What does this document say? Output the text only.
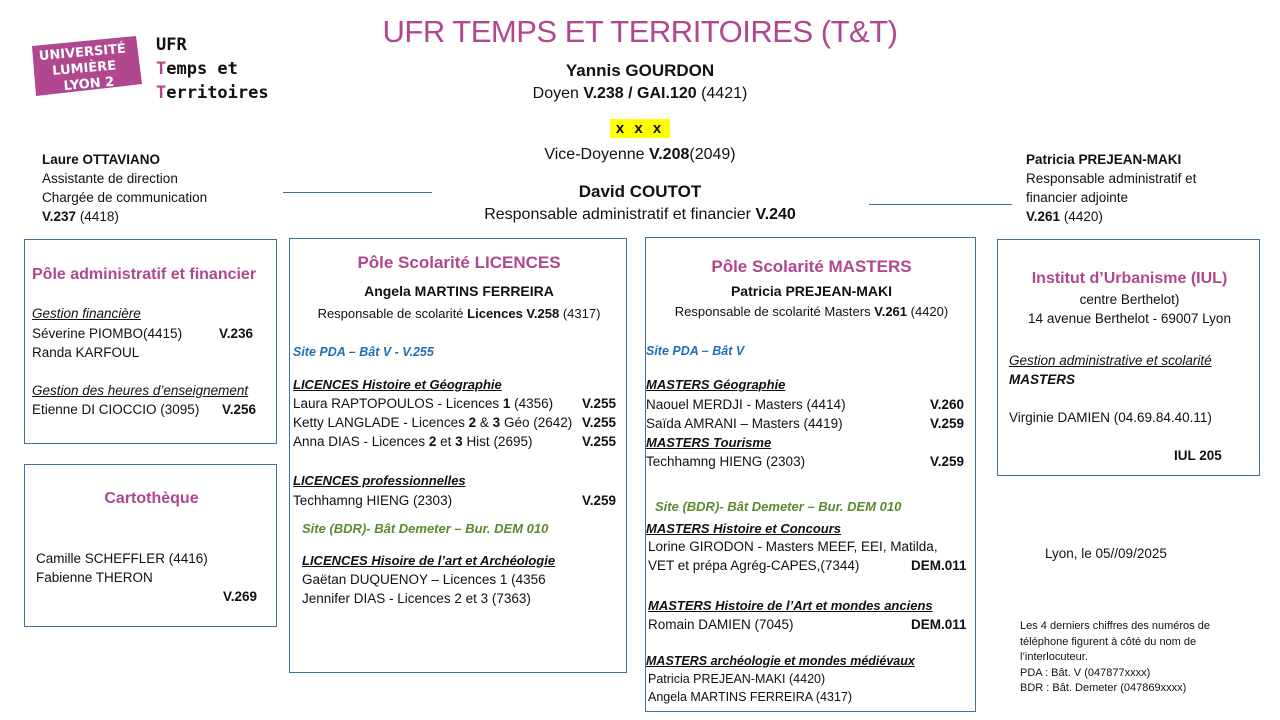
UNIVERSITÉ
LUMIÈRE
LYON 2
UFR
Temps et
Territoires
UFR TEMPS ET TERRITOIRES (T&T)
Yannis GOURDON
Doyen V.238 / GAI.120 (4421)
x x x
Vice-Doyenne V.208(2049)
David COUTOT
Responsable administratif et financier V.240
Laure OTTAVIANO
Assistante de direction
Chargée de communication
V.237 (4418)
Patricia PREJEAN-MAKI
Responsable administratif et
financier adjointe
V.261 (4420)
Pôle administratif et financier
Gestion financière
Séverine PIOMBO(4415)	V.236
Randa KARFOUL
Gestion des heures d’enseignement
Etienne DI CIOCCIO (3095) V.256
Cartothèque
Camille SCHEFFLER (4416)
Fabienne THERON
V.269
Pôle Scolarité LICENCES
Angela MARTINS FERREIRA
Responsable de scolarité Licences V.258 (4317)
Site PDA – Bât V - V.255
LICENCES Histoire et Géographie
Laura RAPTOPOULOS - Licences 1 (4356) V.255
Ketty LANGLADE - Licences 2 & 3 Géo (2642) V.255
Anna DIAS - Licences 2 et 3 Hist (2695)	V.255
LICENCES professionnelles
Techhamng HIENG (2303)	V.259
Site (BDR)- Bât Demeter – Bur. DEM 010
LICENCES Hisoire de l’art et Archéologie
Gaëtan DUQUENOY – Licences 1 (4356
Jennifer DIAS - Licences 2 et 3 (7363)
Pôle Scolarité MASTERS
Patricia PREJEAN-MAKI
Responsable de scolarité Masters V.261 (4420)
Site PDA – Bât V
MASTERS Géographie
Naouel MERDJI - Masters (4414)	V.260
Saïda AMRANI – Masters (4419)	V.259
MASTERS Tourisme
Techhamng HIENG (2303)	V.259
Site (BDR)- Bât Demeter – Bur. DEM 010
MASTERS Histoire et Concours
Lorine GIRODON - Masters MEEF, EEI, Matilda,
VET et prépa Agrég-CAPES,(7344)	DEM.011
MASTERS Histoire de l’Art et mondes anciens
Romain DAMIEN (7045)	DEM.011
MASTERS archéologie et mondes médiévaux
Patricia PREJEAN-MAKI (4420)
Angela MARTINS FERREIRA (4317)
Institut d’Urbanisme (IUL)
centre Berthelot)
14 avenue Berthelot - 69007 Lyon
Gestion administrative et scolarité
MASTERS
Virginie DAMIEN (04.69.84.40.11)
IUL 205
Lyon, le 05//09/2025
Les 4 derniers chiffres des numéros de
téléphone figurent à côté du nom de
l’interlocuteur.
PDA : Bât. V (047877xxxx)
BDR : Bât. Demeter (047869xxxx)
